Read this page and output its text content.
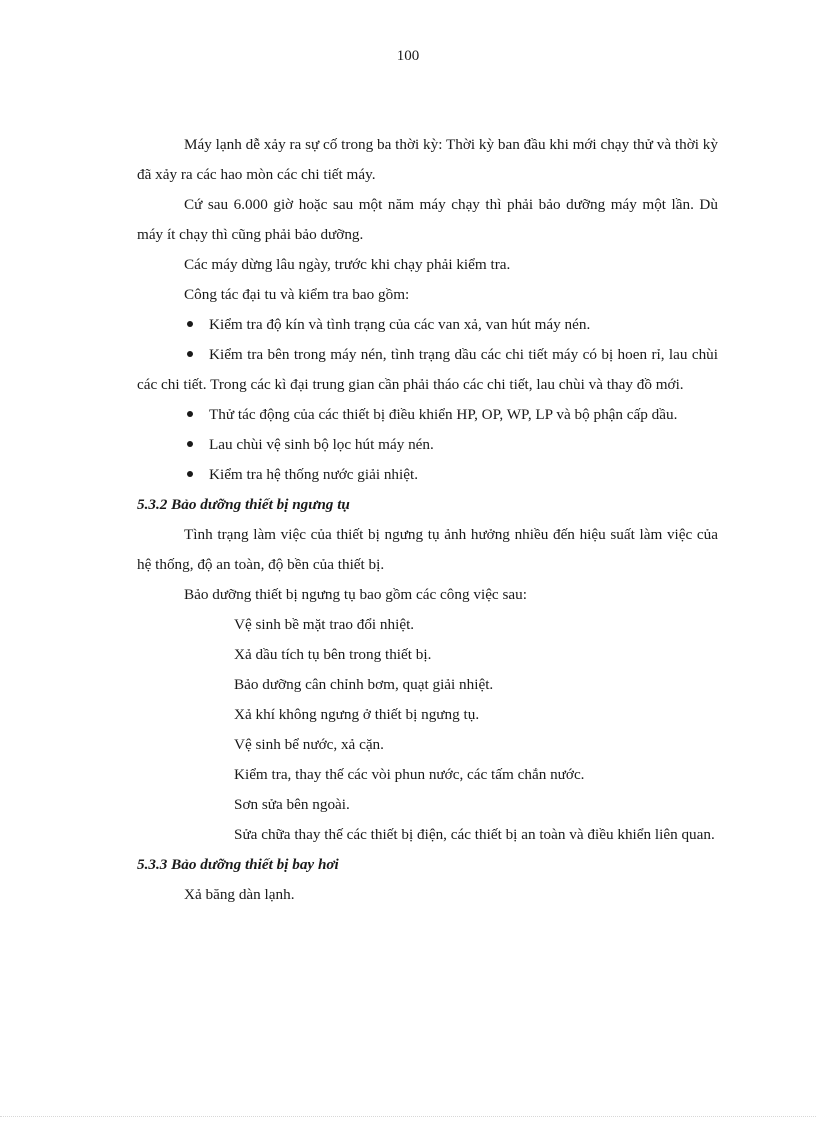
100

Máy lạnh dễ xảy ra sự cố trong ba thời kỳ: Thời kỳ ban đầu khi mới chạy thử và thời kỳ đã xảy ra các hao mòn các chi tiết máy.

Cứ sau 6.000 giờ hoặc sau một năm máy chạy thì phải bảo dưỡng máy một lần. Dù máy ít chạy thì cũng phải bảo dưỡng.

Các máy dừng lâu ngày, trước khi chạy phải kiểm tra.

Công tác đại tu và kiểm tra bao gồm:

Kiểm tra độ kín và tình trạng của các van xả, van hút máy nén.

Kiểm tra bên trong máy nén, tình trạng dầu các chi tiết máy có bị hoen rỉ, lau chùi các chi tiết. Trong các kì đại trung gian cần phải tháo các chi tiết, lau chùi và thay đồ mới.

Thử tác động của các thiết bị điều khiển HP, OP, WP, LP và bộ phận cấp dầu.

Lau chùi vệ sinh bộ lọc hút máy nén.

Kiểm tra hệ thống nước giải nhiệt.

5.3.2 Bảo dưỡng thiết bị ngưng tụ

Tình trạng làm việc của thiết bị ngưng tụ ảnh hưởng nhiều đến hiệu suất làm việc của hệ thống, độ an toàn, độ bền của thiết bị.

Bảo dưỡng thiết bị ngưng tụ bao gồm các công việc sau:

Vệ sinh bề mặt trao đổi nhiệt.

Xả dầu tích tụ bên trong thiết bị.

Bảo dưỡng cân chỉnh bơm, quạt giải nhiệt.

Xả khí không ngưng ở thiết bị ngưng tụ.

Vệ sinh bể nước, xả cặn.

Kiểm tra, thay thế các vòi phun nước, các tấm chắn nước.

Sơn sửa bên ngoài.

Sửa chữa thay thế các thiết bị điện, các thiết bị an toàn và điều khiển liên quan.

5.3.3 Bảo dưỡng thiết bị bay hơi

Xả băng dàn lạnh.
